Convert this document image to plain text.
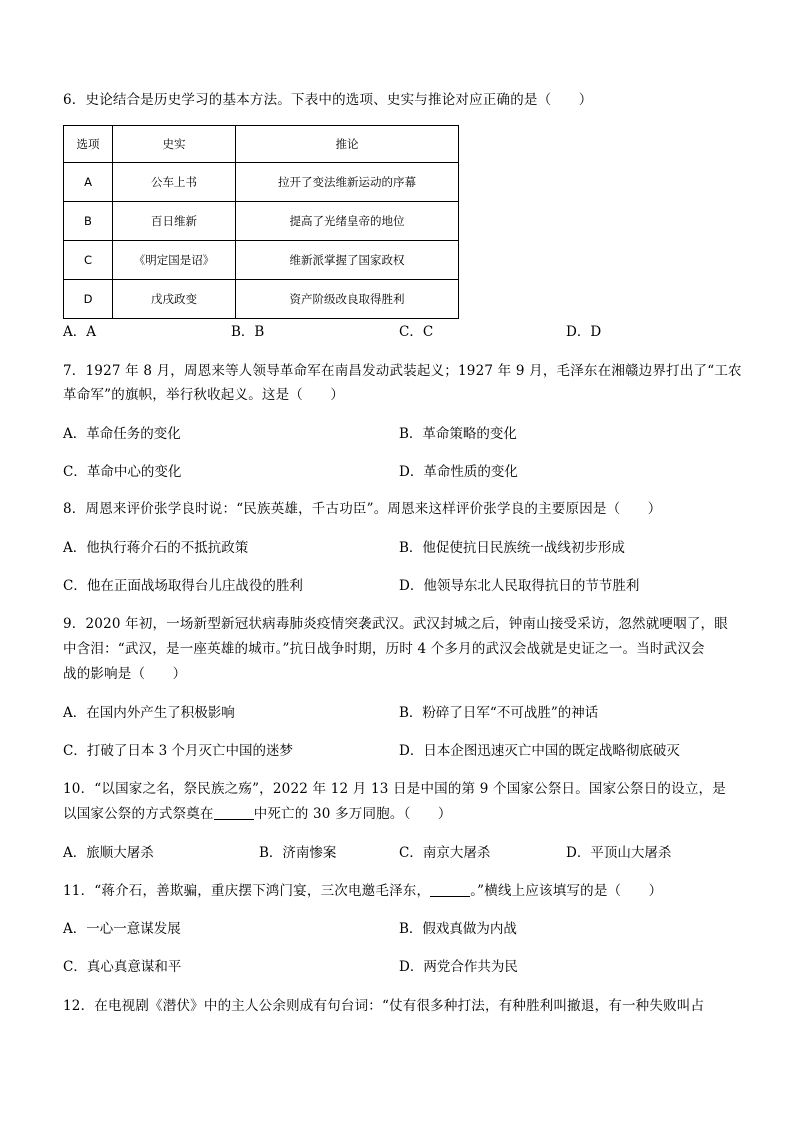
6．史论结合是历史学习的基本方法。下表中的选项、史实与推论对应正确的是（　　）
选项	史实	推论
A	公车上书	拉开了变法维新运动的序幕
B	百日维新	提高了光绪皇帝的地位
C	《明定国是诏》	维新派掌握了国家政权
D	戊戌政变	资产阶级改良取得胜利
A．A	B．B	C．C	D．D
7．1927 年 8 月，周恩来等人领导革命军在南昌发动武装起义；1927 年 9 月，毛泽东在湘赣边界打出了“工农
革命军”的旗帜，举行秋收起义。这是（　　）
A．革命任务的变化	B．革命策略的变化
C．革命中心的变化	D．革命性质的变化
8．周恩来评价张学良时说：“民族英雄，千古功臣”。周恩来这样评价张学良的主要原因是（　　）
A．他执行蒋介石的不抵抗政策	B．他促使抗日民族统一战线初步形成
C．他在正面战场取得台儿庄战役的胜利	D．他领导东北人民取得抗日的节节胜利
9．2020 年初，一场新型新冠状病毒肺炎疫情突袭武汉。武汉封城之后，钟南山接受采访，忽然就哽咽了，眼
中含泪：“武汉，是一座英雄的城市。”抗日战争时期，历时 4 个多月的武汉会战就是史证之一。当时武汉会
战的影响是（　　）
A．在国内外产生了积极影响	B．粉碎了日军“不可战胜”的神话
C．打破了日本 3 个月灭亡中国的迷梦	D．日本企图迅速灭亡中国的既定战略彻底破灭
10．“以国家之名，祭民族之殇”，2022 年 12 月 13 日是中国的第 9 个国家公祭日。国家公祭日的设立，是
以国家公祭的方式祭奠在	中死亡的 30 多万同胞。（　　）
A．旅顺大屠杀	B．济南惨案	C．南京大屠杀	D．平顶山大屠杀
11．“蒋介石，善欺骗，重庆摆下鸿门宴，三次电邀毛泽东，	。”横线上应该填写的是（　　）
A．一心一意谋发展	B．假戏真做为内战
C．真心真意谋和平	D．两党合作共为民
12．在电视剧《潜伏》中的主人公余则成有句台词：“仗有很多种打法，有种胜利叫撤退，有一种失败叫占
